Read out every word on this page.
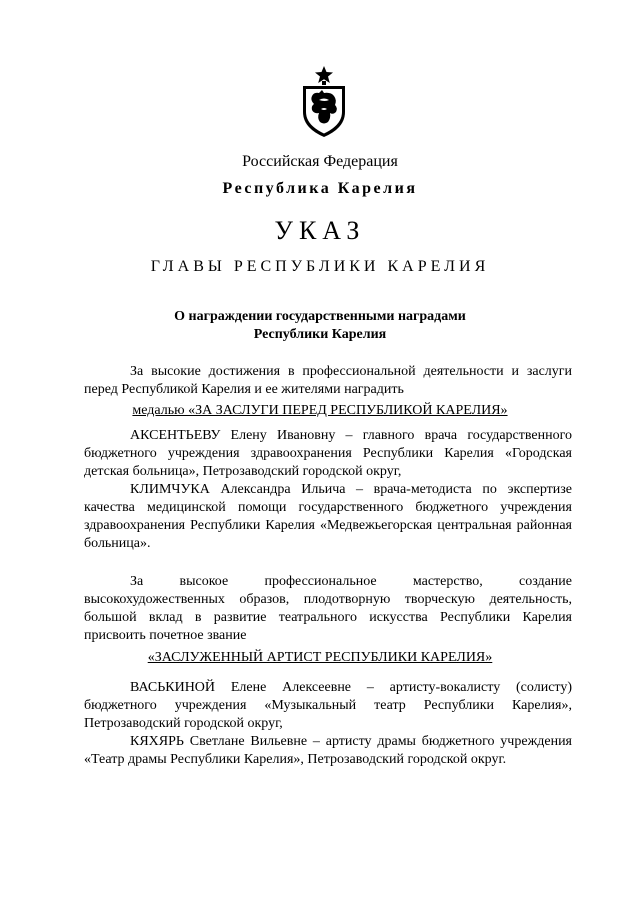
Российская Федерация
Республика Карелия
УКАЗ
ГЛАВЫ РЕСПУБЛИКИ КАРЕЛИЯ
О награждении государственными наградами
Республики Карелия

За высокие достижения в профессиональной деятельности и заслуги перед Республикой Карелия и ее жителями наградить

медалью «ЗА ЗАСЛУГИ ПЕРЕД РЕСПУБЛИКОЙ КАРЕЛИЯ»

АКСЕНТЬЕВУ Елену Ивановну – главного врача государственного бюджетного учреждения здравоохранения Республики Карелия «Городская детская больница», Петрозаводский городской округ,

КЛИМЧУКА Александра Ильича – врача-методиста по экспертизе качества медицинской помощи государственного бюджетного учреждения здравоохранения Республики Карелия «Медвежьегорская центральная районная больница».

За высокое профессиональное мастерство, создание высокохудожественных образов, плодотворную творческую деятельность, большой вклад в развитие театрального искусства Республики Карелия присвоить почетное звание

«ЗАСЛУЖЕННЫЙ АРТИСТ РЕСПУБЛИКИ КАРЕЛИЯ»

ВАСЬКИНОЙ Елене Алексеевне – артисту-вокалисту (солисту) бюджетного учреждения «Музыкальный театр Республики Карелия», Петрозаводский городской округ,

КЯХЯРЬ Светлане Вильевне – артисту драмы бюджетного учреждения «Театр драмы Республики Карелия», Петрозаводский городской округ.
